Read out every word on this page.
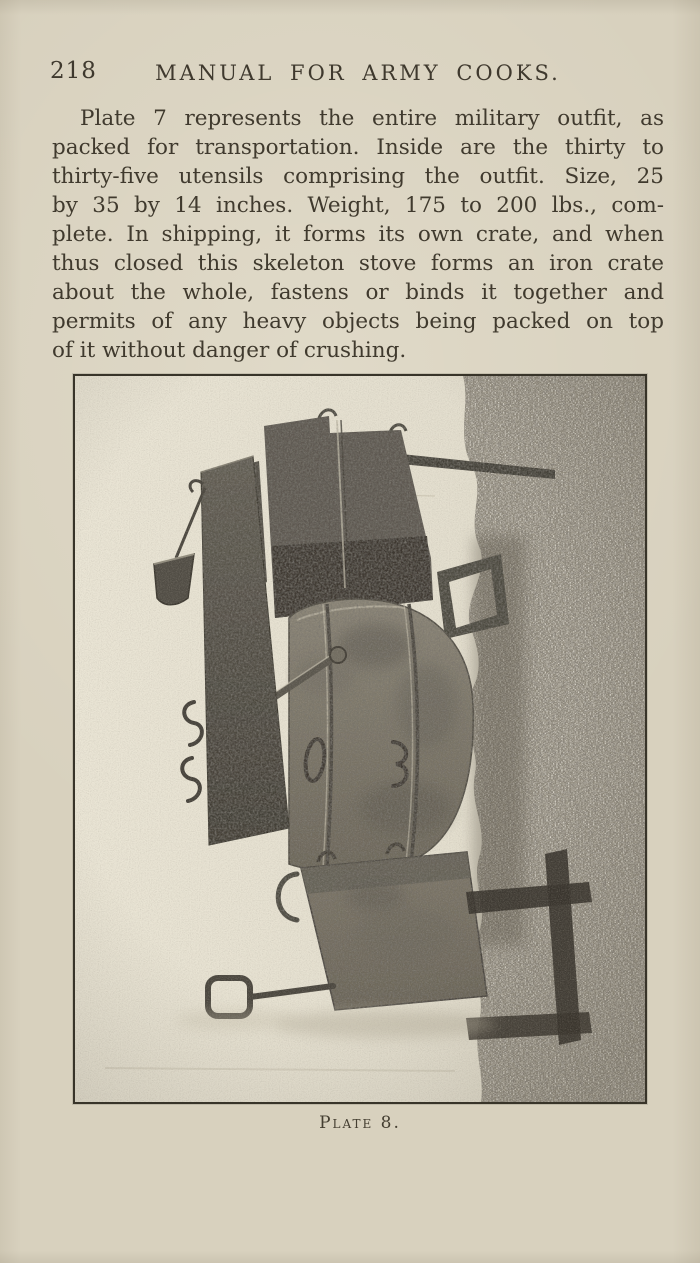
218	MANUAL FOR ARMY COOKS.
Plate 7 represents the entire military outfit, as
packed for transportation. Inside are the thirty to
thirty-five utensils comprising the outfit. Size, 25
by 35 by 14 inches. Weight, 175 to 200 lbs., com-
plete. In shipping, it forms its own crate, and when
thus closed this skeleton stove forms an iron crate
about the whole, fastens or binds it together and
permits of any heavy objects being packed on top
of it without danger of crushing.
Plate 8.
